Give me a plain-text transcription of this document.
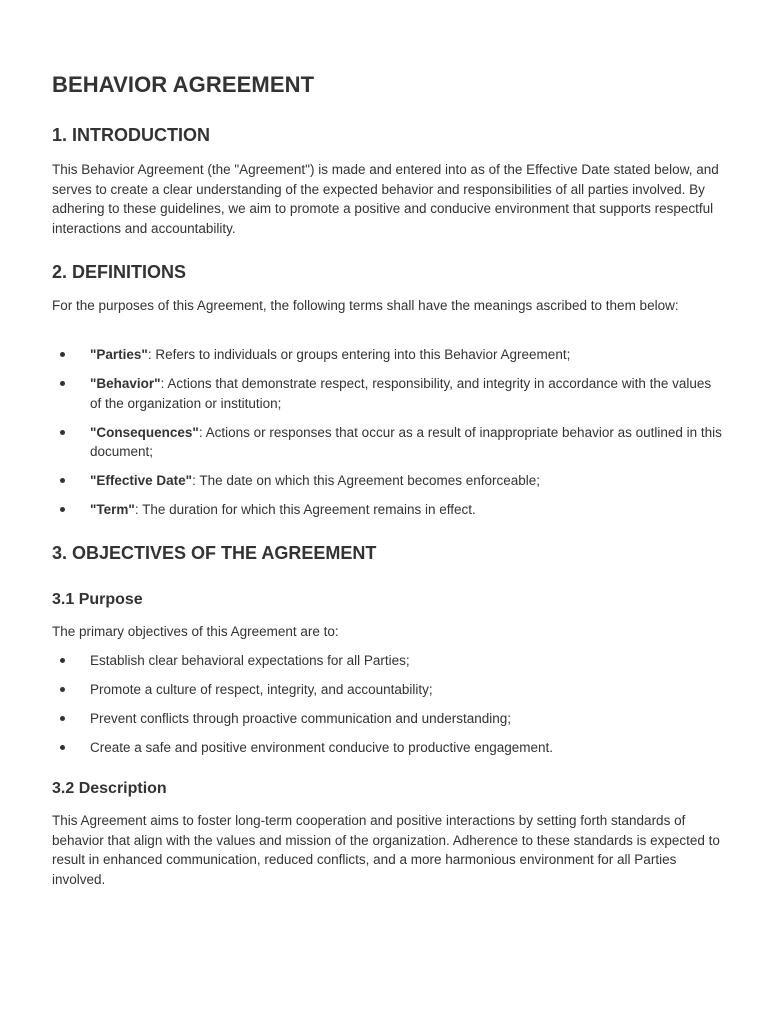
BEHAVIOR AGREEMENT
1. INTRODUCTION

This Behavior Agreement (the "Agreement") is made and entered into as of the Effective Date stated below, and serves to create a clear understanding of the expected behavior and responsibilities of all parties involved. By adhering to these guidelines, we aim to promote a positive and conducive environment that supports respectful interactions and accountability.

2. DEFINITIONS

For the purposes of this Agreement, the following terms shall have the meanings ascribed to them below:

"Parties": Refers to individuals or groups entering into this Behavior Agreement;
"Behavior": Actions that demonstrate respect, responsibility, and integrity in accordance with the values of the organization or institution;
"Consequences": Actions or responses that occur as a result of inappropriate behavior as outlined in this document;
"Effective Date": The date on which this Agreement becomes enforceable;
"Term": The duration for which this Agreement remains in effect.
3. OBJECTIVES OF THE AGREEMENT
3.1 Purpose

The primary objectives of this Agreement are to:

Establish clear behavioral expectations for all Parties;
Promote a culture of respect, integrity, and accountability;
Prevent conflicts through proactive communication and understanding;
Create a safe and positive environment conducive to productive engagement.
3.2 Description

This Agreement aims to foster long-term cooperation and positive interactions by setting forth standards of behavior that align with the values and mission of the organization. Adherence to these standards is expected to result in enhanced communication, reduced conflicts, and a more harmonious environment for all Parties involved.
